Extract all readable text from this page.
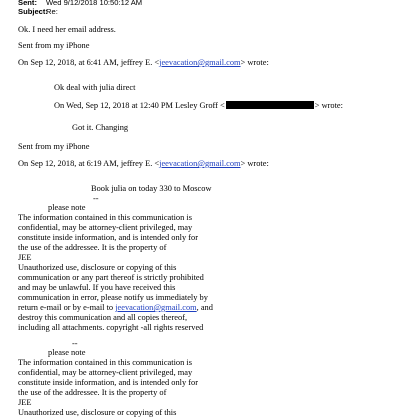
Sent: Wed 9/12/2018 10:50:12 AM
Subject:Re:
Ok. I need her email address.
Sent from my iPhone
On Sep 12, 2018, at 6:41 AM, jeffrey E. <jeevacation@gmail.com> wrote:
Ok deal with julia direct
On Wed, Sep 12, 2018 at 12:40 PM Lesley Groff <	> wrote:
Got it. Changing
Sent from my iPhone
On Sep 12, 2018, at 6:19 AM, jeffrey E. <jeevacation@gmail.com> wrote:
Book julia on today 330 to Moscow
--
please note
The information contained in this communication is
confidential, may be attorney-client privileged, may
constitute inside information, and is intended only for
the use of the addressee. It is the property of
JEE
Unauthorized use, disclosure or copying of this
communication or any part thereof is strictly prohibited
and may be unlawful. If you have received this
communication in error, please notify us immediately by
return e-mail or by e-mail to jeevacation@gmail.com, and
destroy this communication and all copies thereof,
including all attachments. copyright -all rights reserved
--
please note
The information contained in this communication is
confidential, may be attorney-client privileged, may
constitute inside information, and is intended only for
the use of the addressee. It is the property of
JEE
Unauthorized use, disclosure or copying of this
